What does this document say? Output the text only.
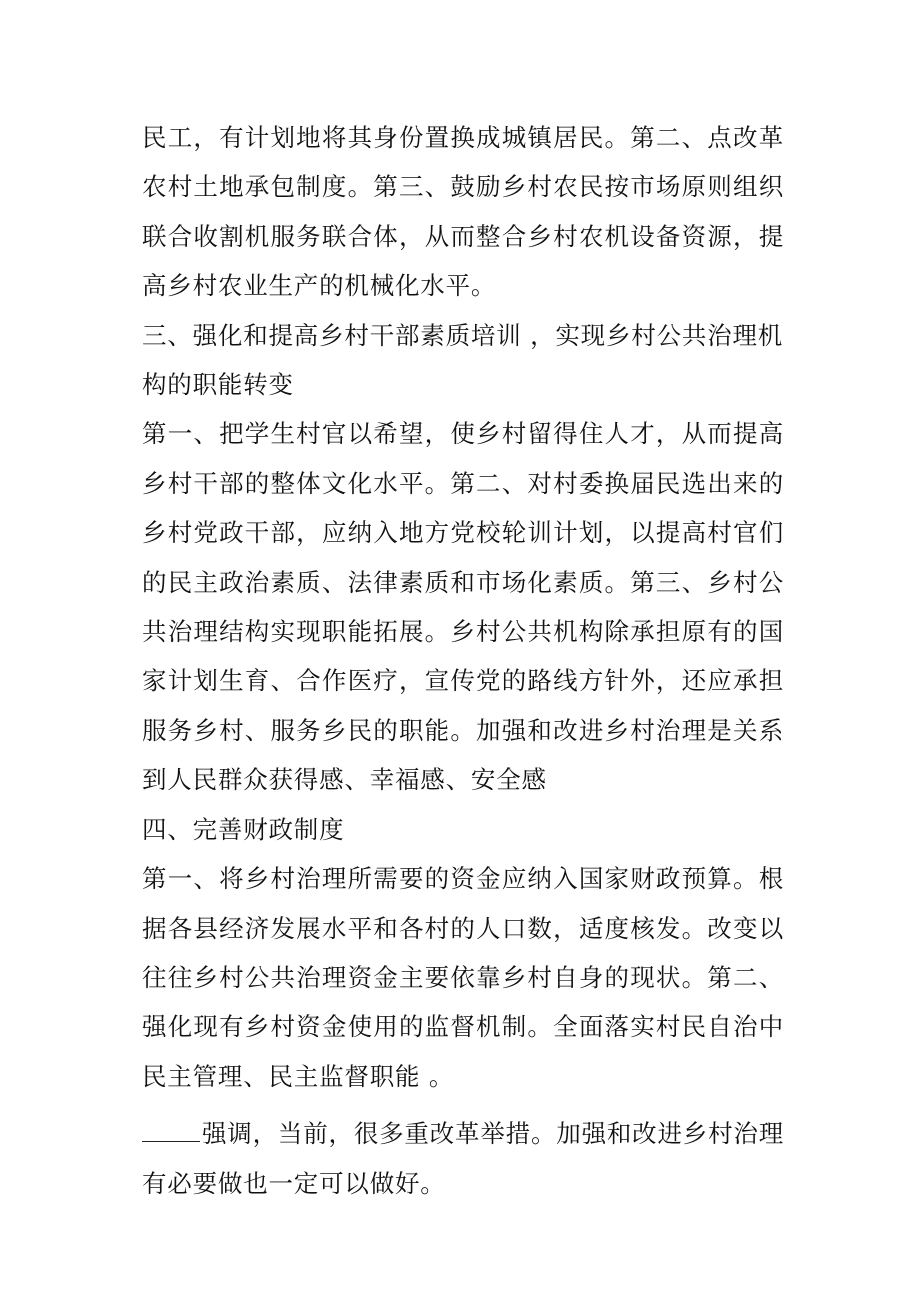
民工，有计划地将其身份置换成城镇居民。第二、点改革农村土地承包制度。第三、鼓励乡村农民按市场原则组织联合收割机服务联合体，从而整合乡村农机设备资源，提高乡村农业生产的机械化水平。

三、强化和提高乡村干部素质培训 ，实现乡村公共治理机构的职能转变

第一、把学生村官以希望，使乡村留得住人才，从而提高乡村干部的整体文化水平。第二、对村委换届民选出来的乡村党政干部，应纳入地方党校轮训计划，以提高村官们的民主政治素质、法律素质和市场化素质。第三、乡村公共治理结构实现职能拓展。乡村公共机构除承担原有的国家计划生育、合作医疗，宣传党的路线方针外，还应承担服务乡村、服务乡民的职能。加强和改进乡村治理是关系到人民群众获得感、幸福感、安全感

四、完善财政制度

第一、将乡村治理所需要的资金应纳入国家财政预算。根据各县经济发展水平和各村的人口数，适度核发。改变以往往乡村公共治理资金主要依靠乡村自身的现状。第二、强化现有乡村资金使用的监督机制。全面落实村民自治中民主管理、民主监督职能 。

强调，当前，很多重改革举措。加强和改进乡村治理有必要做也一定可以做好。
